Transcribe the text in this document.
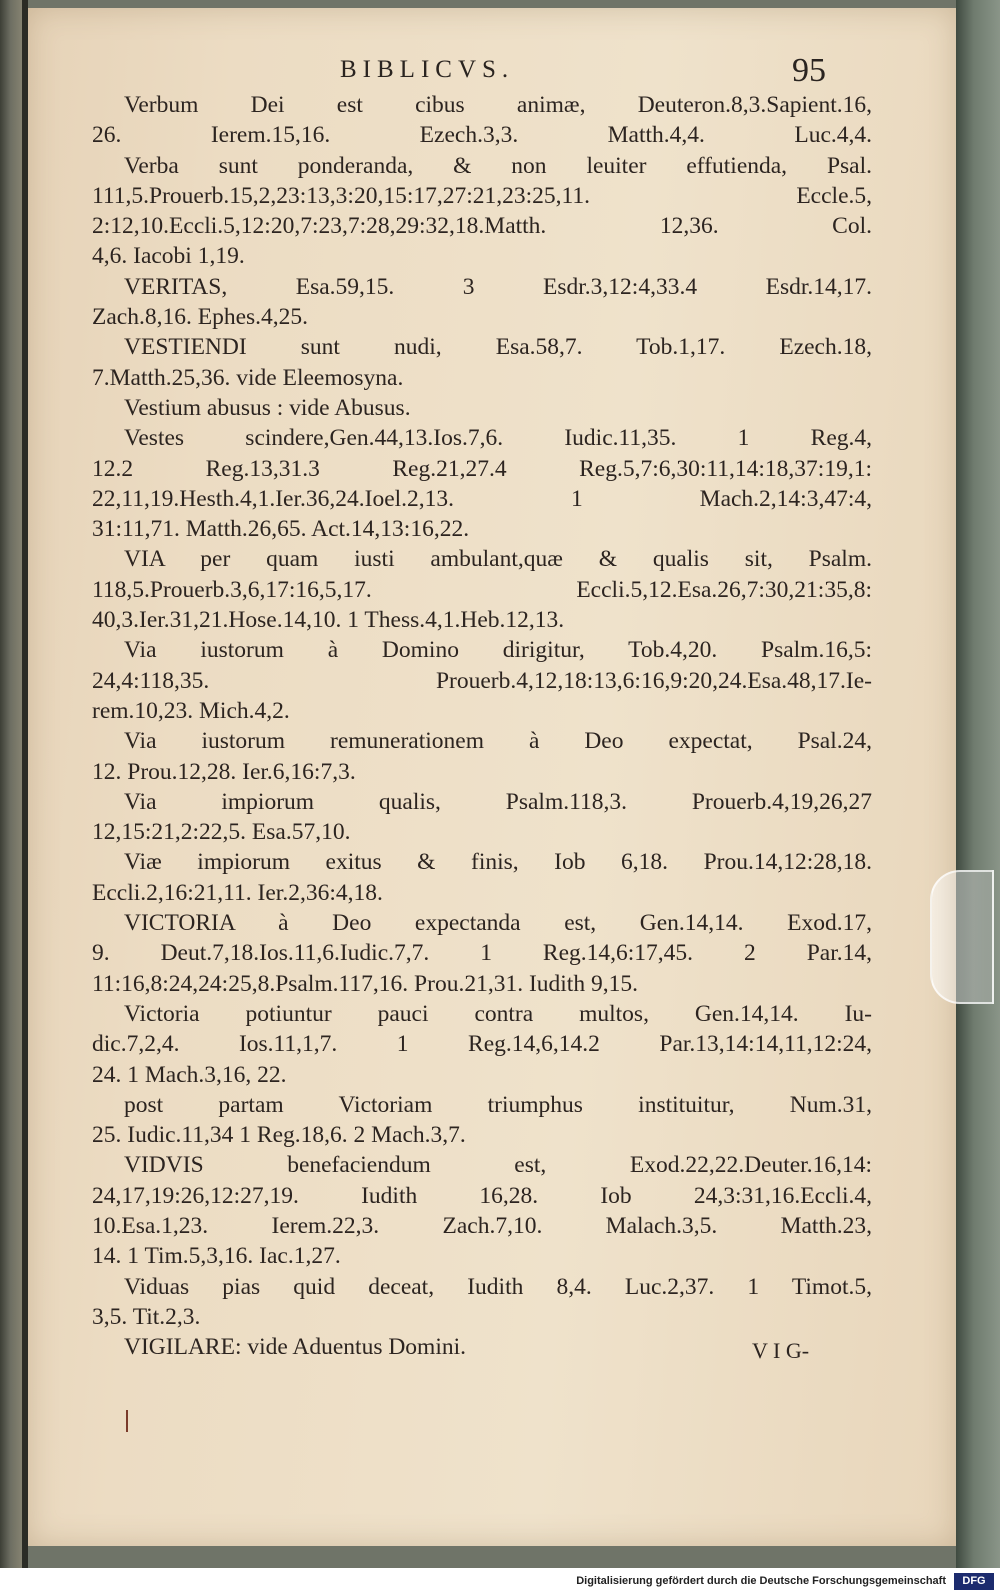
BIBLICVS.	95
Verbum Dei est cibus animæ, Deuteron.8,3.Sapient.16,
26. Ierem.15,16. Ezech.3,3. Matth.4,4. Luc.4,4.
Verba sunt ponderanda, & non leuiter effutienda, Psal.
111,5.Prouerb.15,2,23:13,3:20,15:17,27:21,23:25,11. Eccle.5,
2:12,10.Eccli.5,12:20,7:23,7:28,29:32,18.Matth. 12,36. Col.
4,6. Iacobi 1,19.
VERITAS, Esa.59,15. 3 Esdr.3,12:4,33.4 Esdr.14,17.
Zach.8,16. Ephes.4,25.
VESTIENDI sunt nudi, Esa.58,7. Tob.1,17. Ezech.18,
7.Matth.25,36. vide Eleemosyna.
Vestium abusus : vide Abusus.
Vestes scindere,Gen.44,13.Ios.7,6. Iudic.11,35. 1 Reg.4,
12.2 Reg.13,31.3 Reg.21,27.4 Reg.5,7:6,30:11,14:18,37:19,1:
22,11,19.Hesth.4,1.Ier.36,24.Ioel.2,13. 1 Mach.2,14:3,47:4,
31:11,71. Matth.26,65. Act.14,13:16,22.
VIA per quam iusti ambulant,quæ & qualis sit, Psalm.
118,5.Prouerb.3,6,17:16,5,17. Eccli.5,12.Esa.26,7:30,21:35,8:
40,3.Ier.31,21.Hose.14,10. 1 Thess.4,1.Heb.12,13.
Via iustorum à Domino dirigitur, Tob.4,20. Psalm.16,5:
24,4:118,35. Prouerb.4,12,18:13,6:16,9:20,24.Esa.48,17.Ie-
rem.10,23. Mich.4,2.
Via iustorum remunerationem à Deo expectat, Psal.24,
12. Prou.12,28. Ier.6,16:7,3.
Via impiorum qualis, Psalm.118,3. Prouerb.4,19,26,27
12,15:21,2:22,5. Esa.57,10.
Viæ impiorum exitus & finis, Iob 6,18. Prou.14,12:28,18.
Eccli.2,16:21,11. Ier.2,36:4,18.
VICTORIA à Deo expectanda est, Gen.14,14. Exod.17,
9. Deut.7,18.Ios.11,6.Iudic.7,7. 1 Reg.14,6:17,45. 2 Par.14,
11:16,8:24,24:25,8.Psalm.117,16. Prou.21,31. Iudith 9,15.
Victoria potiuntur pauci contra multos, Gen.14,14. Iu-
dic.7,2,4. Ios.11,1,7. 1 Reg.14,6,14.2 Par.13,14:14,11,12:24,
24. 1 Mach.3,16, 22.
post partam Victoriam triumphus instituitur, Num.31,
25. Iudic.11,34 1 Reg.18,6. 2 Mach.3,7.
VIDVIS benefaciendum est, Exod.22,22.Deuter.16,14:
24,17,19:26,12:27,19. Iudith 16,28. Iob 24,3:31,16.Eccli.4,
10.Esa.1,23. Ierem.22,3. Zach.7,10. Malach.3,5. Matth.23,
14. 1 Tim.5,3,16. Iac.1,27.
Viduas pias quid deceat, Iudith 8,4. Luc.2,37. 1 Timot.5,
3,5. Tit.2,3.
VIGILARE: vide Aduentus Domini.	V I G-
Digitalisierung gefördert durch die Deutsche Forschungsgemeinschaft	DFG
